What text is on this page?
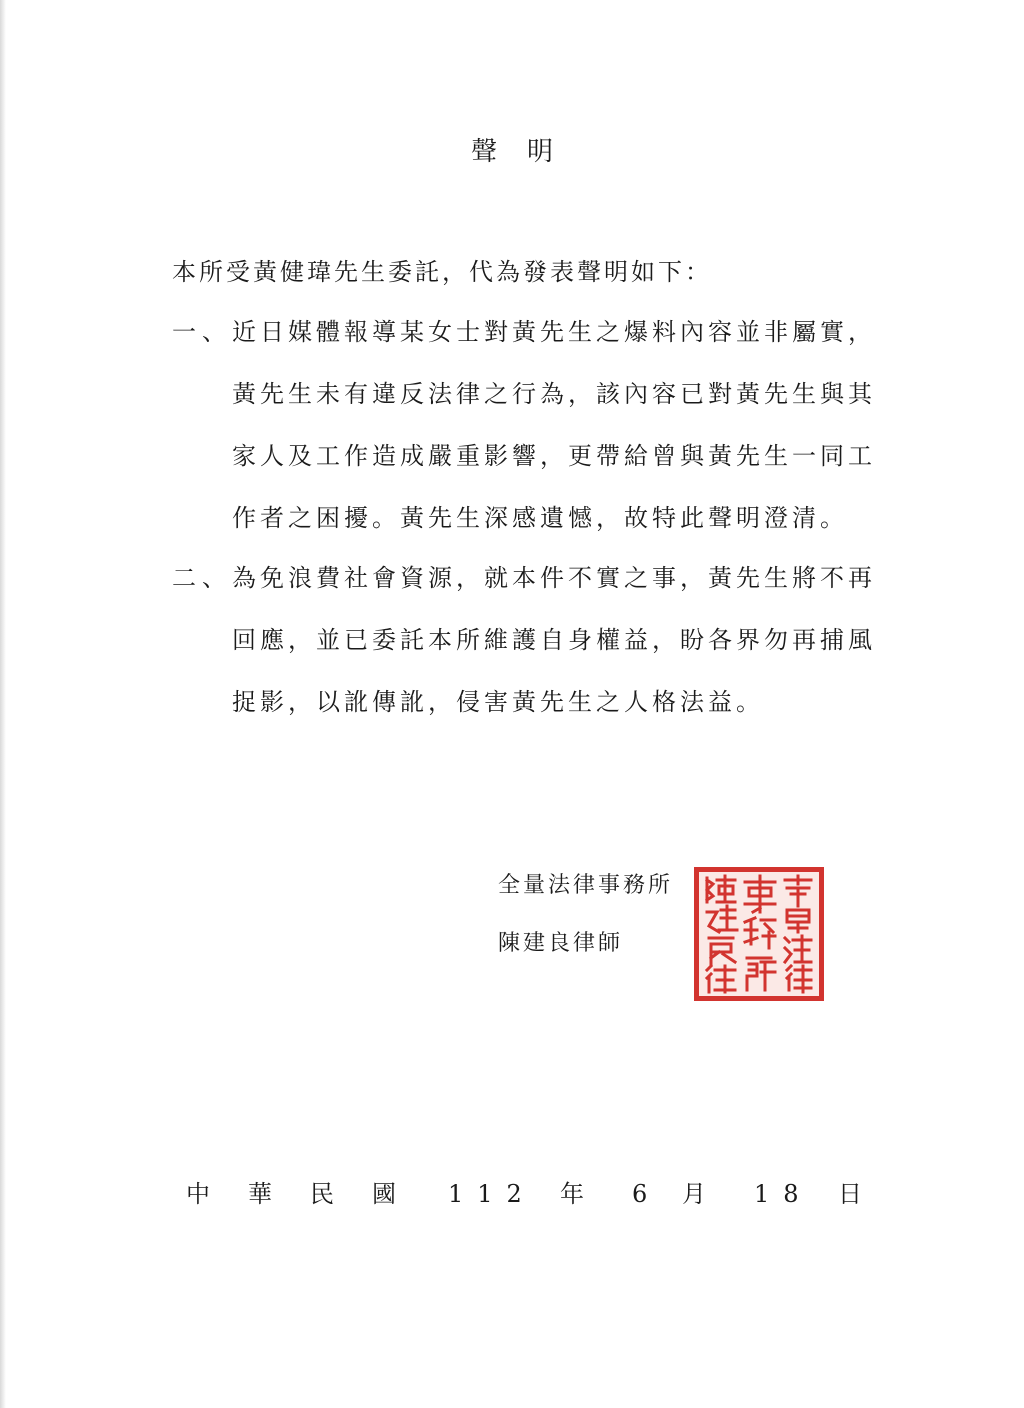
聲明
本所受黃健瑋先生委託，代為發表聲明如下：
一、 近日媒體報導某女士對黃先生之爆料內容並非屬實，
黃先生未有違反法律之行為，該內容已對黃先生與其
家人及工作造成嚴重影響，更帶給曾與黃先生一同工
作者之困擾。黃先生深感遺憾，故特此聲明澄清。
二、 為免浪費社會資源，就本件不實之事，黃先生將不再
回應，並已委託本所維護自身權益，盼各界勿再捕風
捉影，以訛傳訛，侵害黃先生之人格法益。
全量法律事務所
陳建良律師
中 華 民 國 112 年 6 月 18 日
